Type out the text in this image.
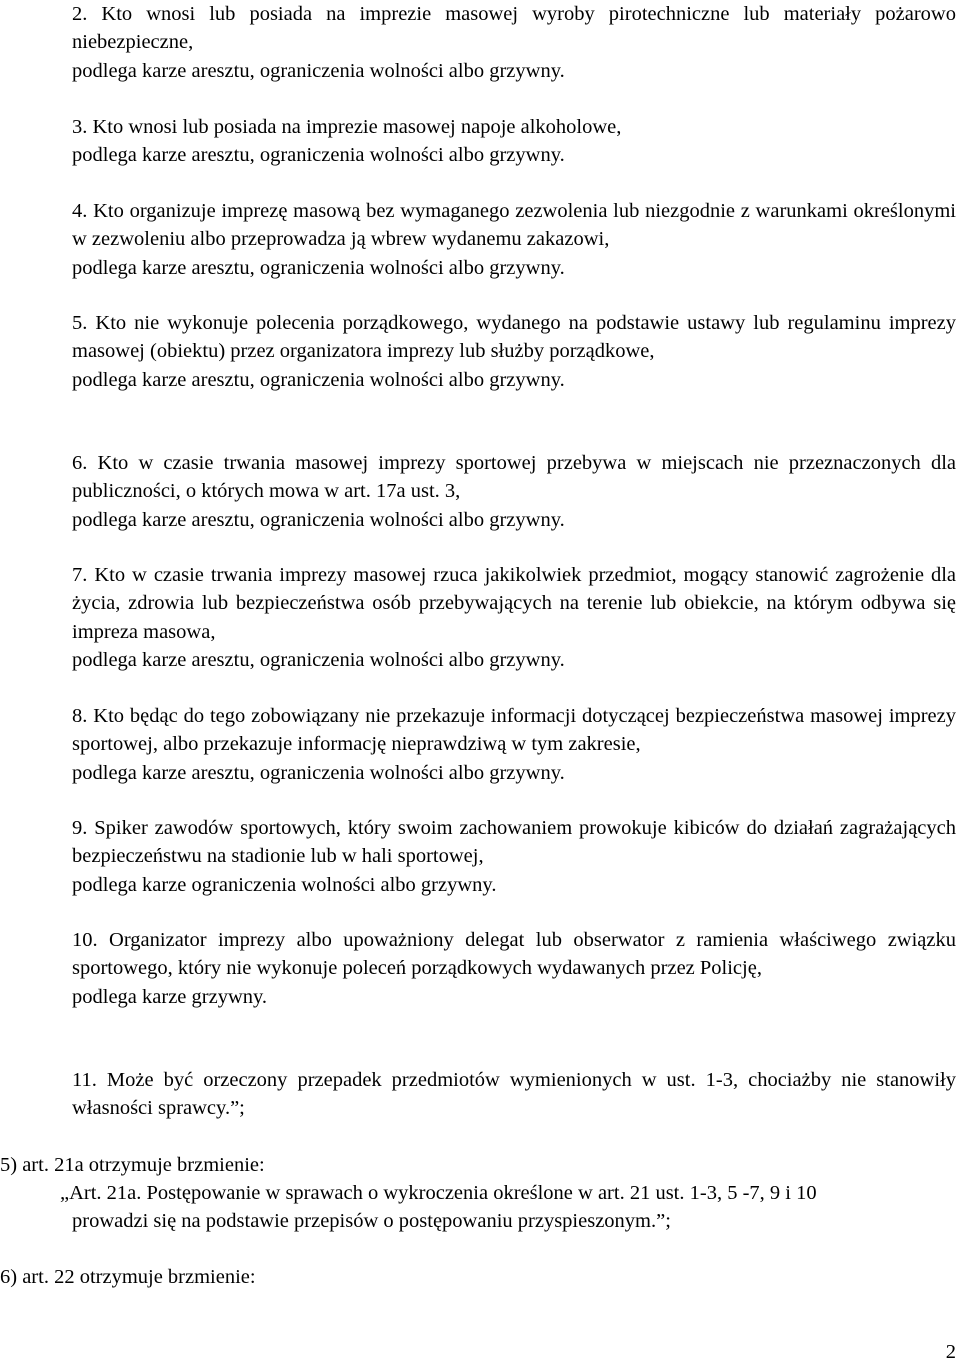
2. Kto wnosi lub posiada na imprezie masowej wyroby pirotechniczne lub materiały pożarowo niebezpieczne,

podlega karze aresztu, ograniczenia wolności albo grzywny.

3. Kto wnosi lub posiada na imprezie masowej napoje alkoholowe,

podlega karze aresztu, ograniczenia wolności albo grzywny.

4. Kto organizuje imprezę masową bez wymaganego zezwolenia lub niezgodnie z warunkami określonymi w zezwoleniu albo przeprowadza ją wbrew wydanemu zakazowi,

podlega karze aresztu, ograniczenia wolności albo grzywny.

5. Kto nie wykonuje polecenia porządkowego, wydanego na podstawie ustawy lub regulaminu imprezy masowej (obiektu) przez organizatora imprezy lub służby porządkowe,

podlega karze aresztu, ograniczenia wolności albo grzywny.

6. Kto w czasie trwania masowej imprezy sportowej przebywa w miejscach nie przeznaczonych dla publiczności, o których mowa w art. 17a ust. 3,

podlega karze aresztu, ograniczenia wolności albo grzywny.

7. Kto w czasie trwania imprezy masowej rzuca jakikolwiek przedmiot, mogący stanowić zagrożenie dla życia, zdrowia lub bezpieczeństwa osób przebywających na terenie lub obiekcie, na którym odbywa się impreza masowa,

podlega karze aresztu, ograniczenia wolności albo grzywny.

8. Kto będąc do tego zobowiązany nie przekazuje informacji dotyczącej bezpieczeństwa masowej imprezy sportowej, albo przekazuje informację nieprawdziwą w tym zakresie,

podlega karze aresztu, ograniczenia wolności albo grzywny.

9. Spiker zawodów sportowych, który swoim zachowaniem prowokuje kibiców do działań zagrażających bezpieczeństwu na stadionie lub w hali sportowej,

podlega karze ograniczenia wolności albo grzywny.

10. Organizator imprezy albo upoważniony delegat lub obserwator z ramienia właściwego związku sportowego, który nie wykonuje poleceń porządkowych wydawanych przez Policję,

podlega karze grzywny.

11. Może być orzeczony przepadek przedmiotów wymienionych w ust. 1-3, chociażby nie stanowiły własności sprawcy.”;

5) art. 21a otrzymuje brzmienie:

„Art. 21a. Postępowanie w sprawach o wykroczenia określone w art. 21 ust. 1-3, 5 -7, 9 i 10

prowadzi się na podstawie przepisów o postępowaniu przyspieszonym.”;

6) art. 22 otrzymuje brzmienie:

2
